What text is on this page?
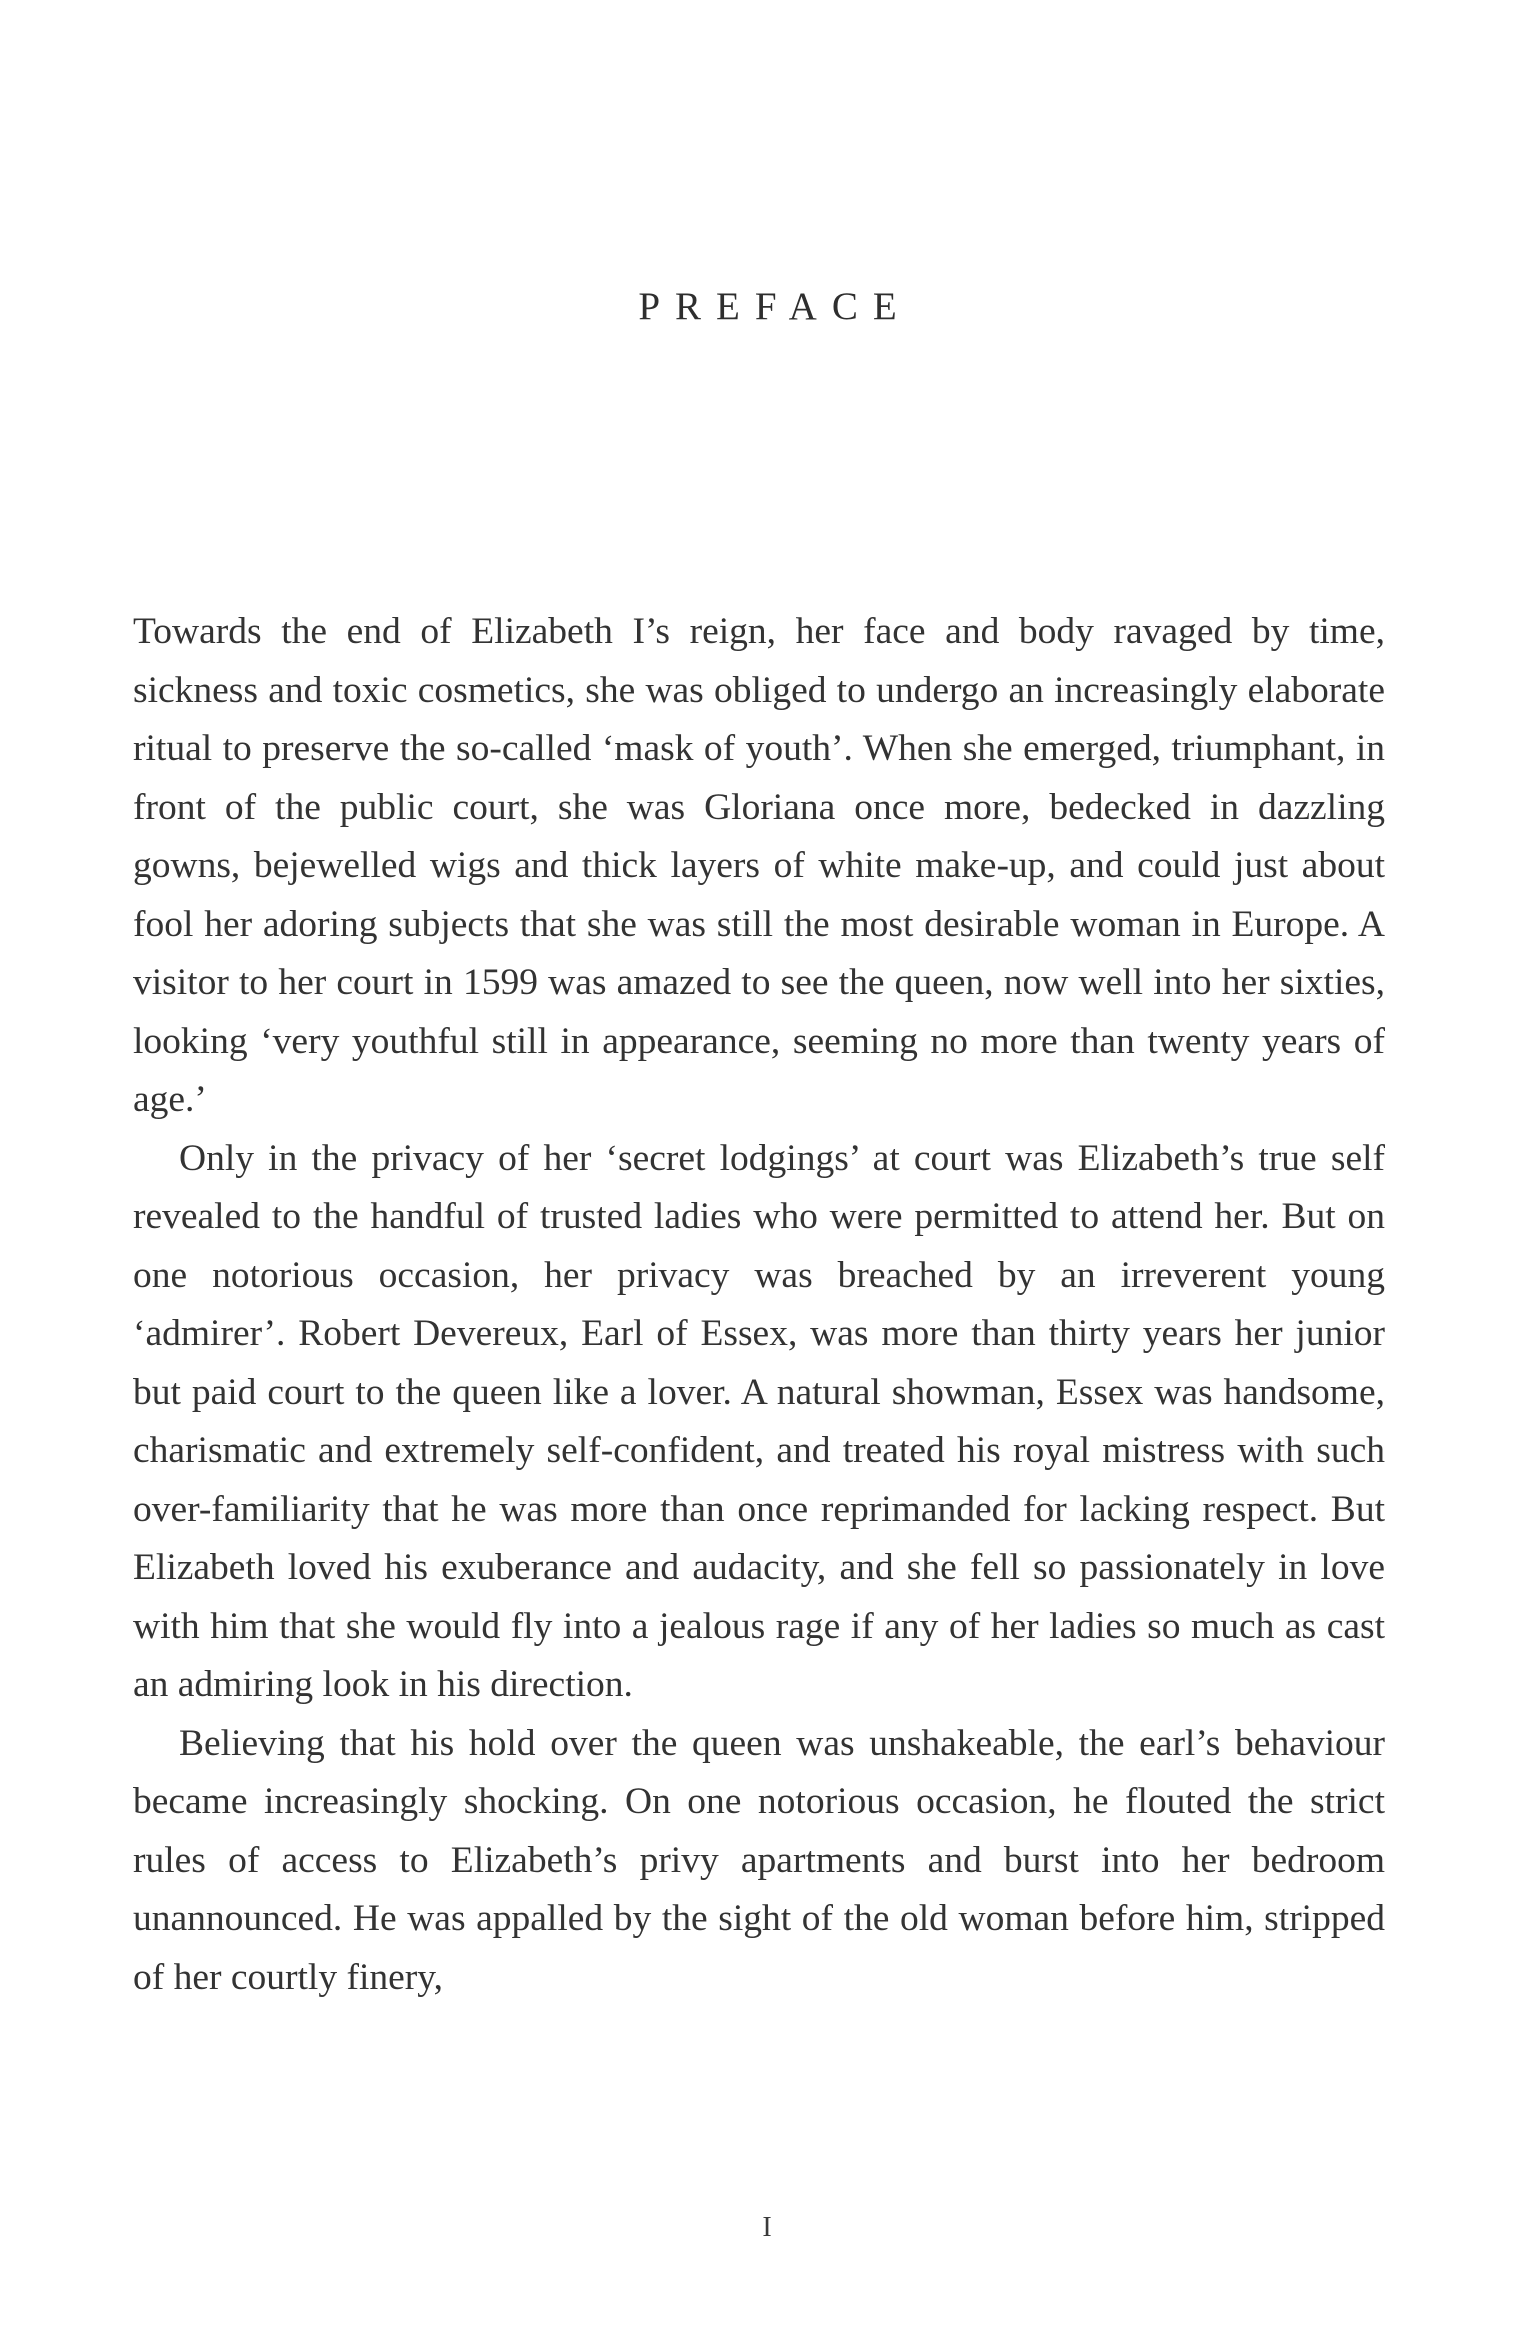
PREFACE

Towards the end of Elizabeth I’s reign, her face and body ravaged by time, sickness and toxic cosmetics, she was obliged to undergo an increasingly elaborate ritual to preserve the so-called ‘mask of youth’. When she emerged, triumphant, in front of the public court, she was Gloriana once more, bedecked in dazzling gowns, bejewelled wigs and thick layers of white make-up, and could just about fool her adoring subjects that she was still the most desirable woman in Europe. A visitor to her court in 1599 was amazed to see the queen, now well into her sixties, looking ‘very youthful still in appearance, seeming no more than twenty years of age.’

Only in the privacy of her ‘secret lodgings’ at court was Elizabeth’s true self revealed to the handful of trusted ladies who were permitted to attend her. But on one notorious occasion, her privacy was breached by an irreverent young ‘admirer’. Robert Devereux, Earl of Essex, was more than thirty years her junior but paid court to the queen like a lover. A natural showman, Essex was handsome, charismatic and extremely self-confident, and treated his royal mistress with such over-familiarity that he was more than once reprimanded for lacking respect. But Elizabeth loved his exuberance and audacity, and she fell so passionately in love with him that she would fly into a jealous rage if any of her ladies so much as cast an admiring look in his direction.

Believing that his hold over the queen was unshakeable, the earl’s behaviour became increasingly shocking. On one notorious occasion, he flouted the strict rules of access to Elizabeth’s privy apartments and burst into her bedroom unannounced. He was appalled by the sight of the old woman before him, stripped of her courtly finery,

I
